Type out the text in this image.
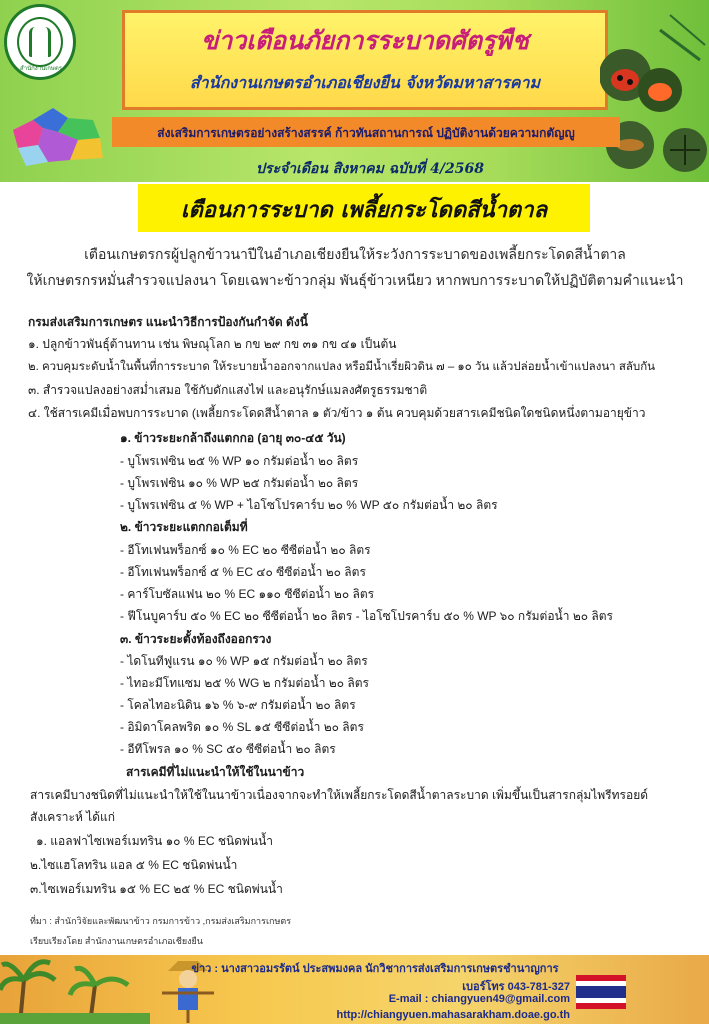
สำนักงานเกษตร
ข่าวเตือนภัยการระบาดศัตรูพืช
สำนักงานเกษตรอำเภอเชียงยืน จังหวัดมหาสารคาม
ส่งเสริมการเกษตรอย่างสร้างสรรค์ ก้าวทันสถานการณ์ ปฏิบัติงานด้วยความกตัญญู
ประจำเดือน สิงหาคม ฉบับที่ 4/2568
เตือนการระบาด เพลี้ยกระโดดสีน้ำตาล
เตือนเกษตรกรผู้ปลูกข้าวนาปีในอำเภอเชียงยืนให้ระวังการระบาดของเพลี้ยกระโดดสีน้ำตาล
ให้เกษตรกรหมั่นสำรวจแปลงนา โดยเฉพาะข้าวกลุ่ม พันธุ์ข้าวเหนียว หากพบการระบาดให้ปฏิบัติตามคำแนะนำ
กรมส่งเสริมการเกษตร แนะนำวิธีการป้องกันกำจัด ดังนี้
๑. ปลูกข้าวพันธุ์ต้านทาน เช่น พิษณุโลก ๒ กข ๒๙ กข ๓๑ กข ๔๑ เป็นต้น
๒. ควบคุมระดับน้ำในพื้นที่การระบาด ให้ระบายน้ำออกจากแปลง หรือมีน้ำเรี่ยผิวดิน ๗ – ๑๐ วัน แล้วปล่อยน้ำเข้าแปลงนา สลับกัน
๓. สำรวจแปลงอย่างสม่ำเสมอ ใช้กับดักแสงไฟ และอนุรักษ์แมลงศัตรูธรรมชาติ
๔. ใช้สารเคมีเมื่อพบการระบาด (เพลี้ยกระโดดสีน้ำตาล ๑ ตัว/ข้าว ๑ ต้น ควบคุมด้วยสารเคมีชนิดใดชนิดหนึ่งตามอายุข้าว
๑. ข้าวระยะกล้าถึงแตกกอ (อายุ ๓๐-๔๕ วัน)
- บูโพรเฟซิน ๒๕ % WP ๑๐ กรัมต่อน้ำ ๒๐ ลิตร
- บูโพรเฟซิน ๑๐ % WP ๒๕ กรัมต่อน้ำ ๒๐ ลิตร
- บูโพรเฟซิน ๕ % WP + ไอโซโปรคาร์บ ๒๐ % WP ๕๐ กรัมต่อน้ำ ๒๐ ลิตร
๒. ข้าวระยะแตกกอเต็มที่
- อีโทเฟนพร็อกซ์ ๑๐ % EC ๒๐ ซีซีต่อน้ำ ๒๐ ลิตร
- อีโทเฟนพร็อกซ์ ๕ % EC ๔๐ ซีซีต่อน้ำ ๒๐ ลิตร
- คาร์โบซัลแฟน ๒๐ % EC ๑๑๐ ซีซีต่อน้ำ ๒๐ ลิตร
- ฟีโนบูคาร์บ ๕๐ % EC ๒๐ ซีซีต่อน้ำ ๒๐ ลิตร - ไอโซโปรคาร์บ ๕๐ % WP ๖๐ กรัมต่อน้ำ ๒๐ ลิตร
๓. ข้าวระยะตั้งท้องถึงออกรวง
- ไดโนทีฟูแรน ๑๐ % WP ๑๕ กรัมต่อน้ำ ๒๐ ลิตร
- ไทอะมีโทแซม ๒๕ % WG ๒ กรัมต่อน้ำ ๒๐ ลิตร
- โคลไทอะนิดิน ๑๖ % ๖-๙ กรัมต่อน้ำ ๒๐ ลิตร
- อิมิดาโคลพริด ๑๐ % SL ๑๕ ซีซีต่อน้ำ ๒๐ ลิตร
- อีทีโพรล ๑๐ % SC ๕๐ ซีซีต่อน้ำ ๒๐ ลิตร
สารเคมีที่ไม่แนะนำให้ใช้ในนาข้าว
สารเคมีบางชนิดที่ไม่แนะนำให้ใช้ในนาข้าวเนื่องจากจะทำให้เพลี้ยกระโดดสีน้ำตาลระบาด เพิ่มขึ้นเป็นสารกลุ่มไพรีทรอยด์
สังเคราะห์ ได้แก่
๑. แอลฟาไซเพอร์เมทริน ๑๐ % EC ชนิดพ่นน้ำ
๒.ไซแฮโลทริน แอล ๕ % EC ชนิดพ่นน้ำ
๓.ไซเพอร์เมทริน ๑๕ % EC ๒๕ % EC ชนิดพ่นน้ำ
ที่มา : สำนักวิจัยและพัฒนาข้าว กรมการข้าว ,กรมส่งเสริมการเกษตร
เรียบเรียงโดย สำนักงานเกษตรอำเภอเชียงยืน
ข่าว : นางสาวอมรรัตน์ ประสพมงคล นักวิชาการส่งเสริมการเกษตรชำนาญการ
เบอร์โทร 043-781-327
E-mail : chiangyuen49@gmail.com
http://chiangyuen.mahasarakham.doae.go.th
